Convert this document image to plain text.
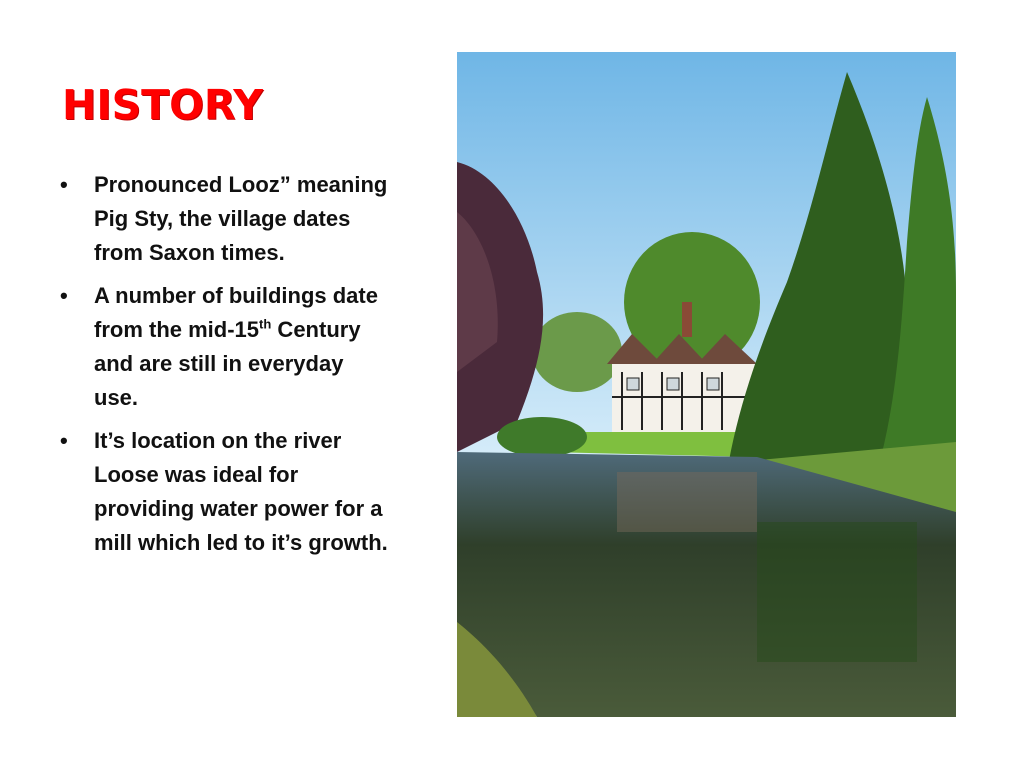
history
•	Pronounced Looz” meaning Pig Sty, the village dates from Saxon times.
•	A number of buildings date from the mid-15th Century and are still in everyday use.
•	It’s location on the river Loose was ideal for providing water power for a mill which led to it’s growth.
